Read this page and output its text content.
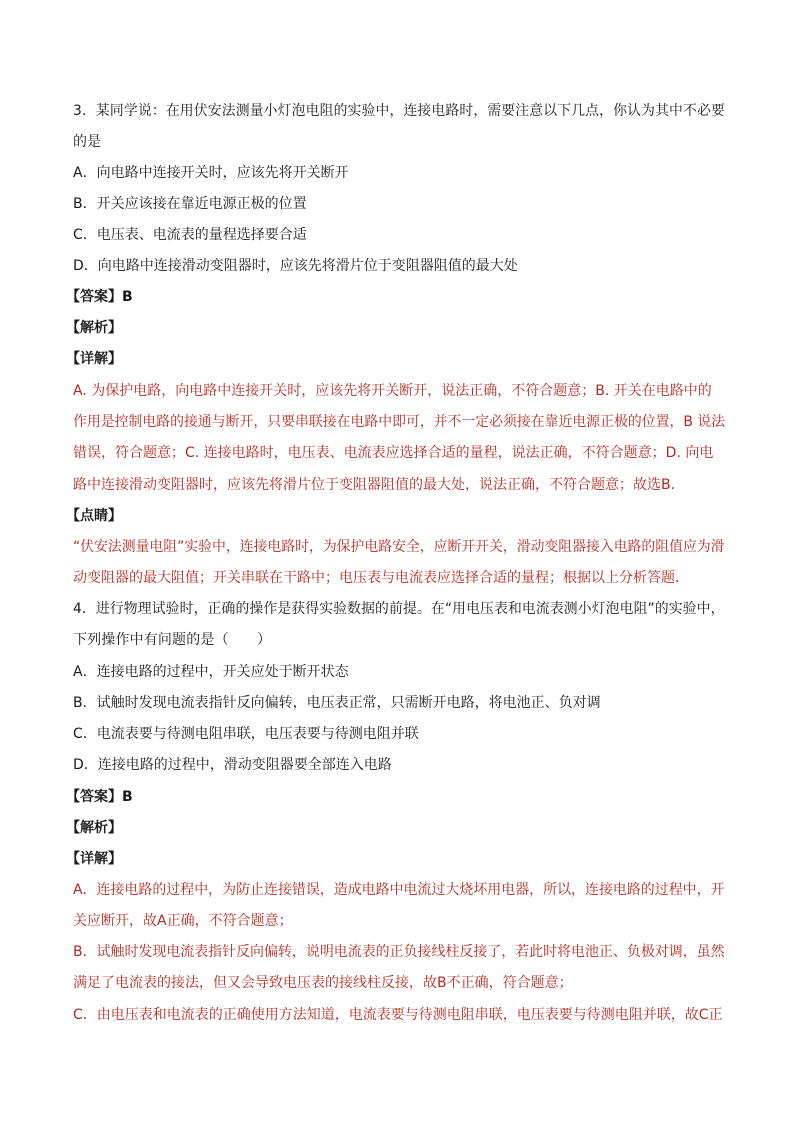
3．某同学说：在用伏安法测量小灯泡电阻的实验中，连接电路时，需要注意以下几点，你认为其中不必要
的是
A．向电路中连接开关时，应该先将开关断开
B．开关应该接在靠近电源正极的位置
C．电压表、电流表的量程选择要合适
D．向电路中连接滑动变阻器时，应该先将滑片位于变阻器阻值的最大处
【答案】B
【解析】
【详解】
A. 为保护电路，向电路中连接开关时，应该先将开关断开，说法正确，不符合题意；B. 开关在电路中的
作用是控制电路的接通与断开，只要串联接在电路中即可，并不一定必须接在靠近电源正极的位置，B 说法
错误，符合题意；C. 连接电路时，电压表、电流表应选择合适的量程，说法正确，不符合题意；D. 向电
路中连接滑动变阻器时，应该先将滑片位于变阻器阻值的最大处，说法正确，不符合题意；故选B.
【点睛】
“伏安法测量电阻”实验中，连接电路时，为保护电路安全，应断开开关，滑动变阻器接入电路的阻值应为滑
动变阻器的最大阻值；开关串联在干路中；电压表与电流表应选择合适的量程；根据以上分析答题．
4．进行物理试验时，正确的操作是获得实验数据的前提。在“用电压表和电流表测小灯泡电阻”的实验中，
下列操作中有问题的是（　　）
A．连接电路的过程中，开关应处于断开状态
B．试触时发现电流表指针反向偏转，电压表正常，只需断开电路，将电池正、负对调
C．电流表要与待测电阻串联，电压表要与待测电阻并联
D．连接电路的过程中，滑动变阻器要全部连入电路
【答案】B
【解析】
【详解】
A．连接电路的过程中，为防止连接错误，造成电路中电流过大烧坏用电器，所以，连接电路的过程中，开
关应断开，故A正确，不符合题意；
B．试触时发现电流表指针反向偏转，说明电流表的正负接线柱反接了，若此时将电池正、负极对调，虽然
满足了电流表的接法，但又会导致电压表的接线柱反接，故B不正确，符合题意；
C．由电压表和电流表的正确使用方法知道，电流表要与待测电阻串联，电压表要与待测电阻并联，故C正
